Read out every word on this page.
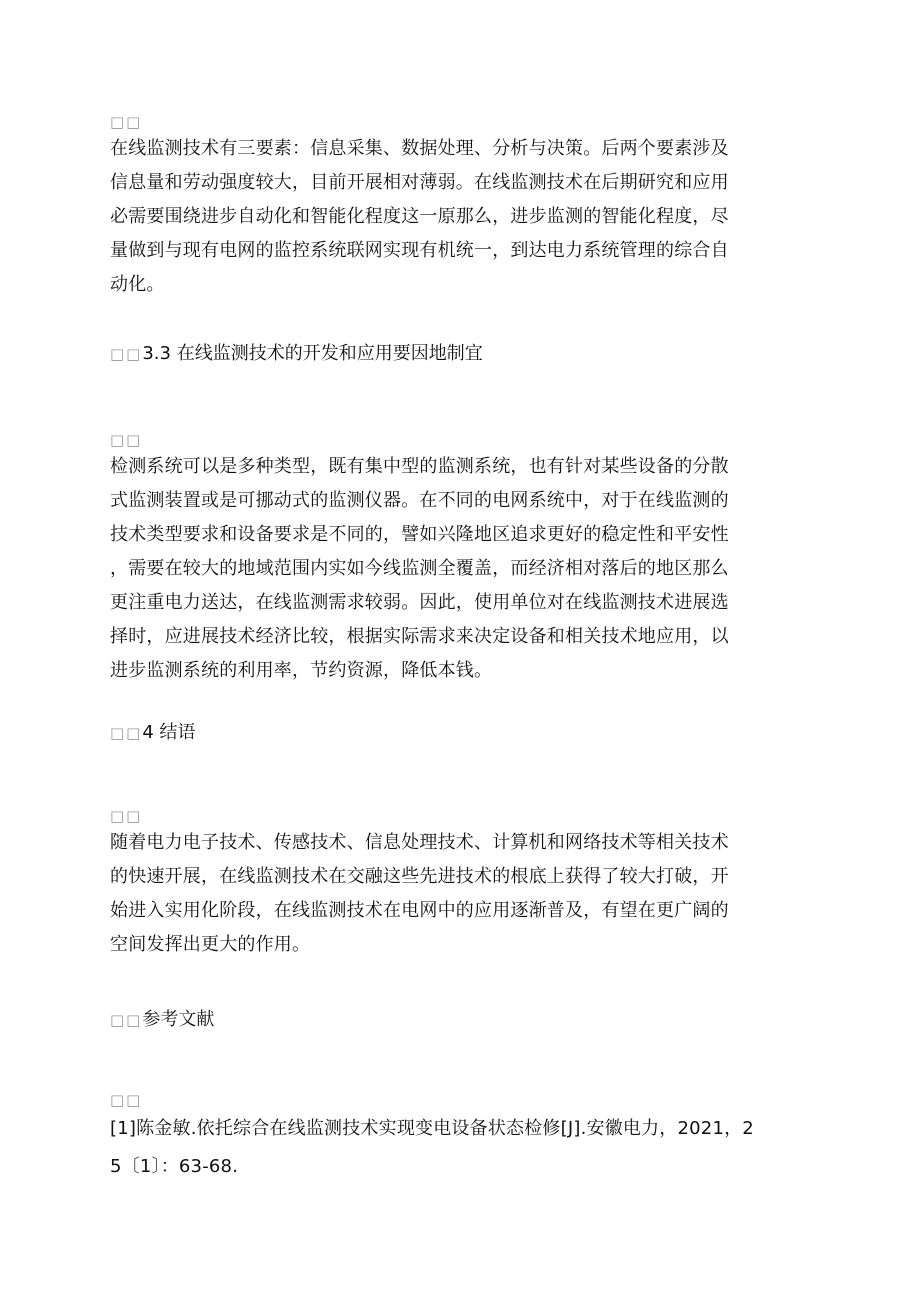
□□

在线监测技术有三要素：信息采集、数据处理、分析与决策。后两个要素涉及
信息量和劳动强度较大，目前开展相对薄弱。在线监测技术在后期研究和应用
必需要围绕进步自动化和智能化程度这一原那么，进步监测的智能化程度，尽
量做到与现有电网的监控系统联网实现有机统一，到达电力系统管理的综合自
动化。

□□3.3 在线监测技术的开发和应用要因地制宜

□□

检测系统可以是多种类型，既有集中型的监测系统，也有针对某些设备的分散
式监测装置或是可挪动式的监测仪器。在不同的电网系统中，对于在线监测的
技术类型要求和设备要求是不同的，譬如兴隆地区追求更好的稳定性和平安性
，需要在较大的地域范围内实如今线监测全覆盖，而经济相对落后的地区那么
更注重电力送达，在线监测需求较弱。因此，使用单位对在线监测技术进展选
择时，应进展技术经济比较，根据实际需求来决定设备和相关技术地应用，以
进步监测系统的利用率，节约资源，降低本钱。

□□4 结语

□□

随着电力电子技术、传感技术、信息处理技术、计算机和网络技术等相关技术
的快速开展，在线监测技术在交融这些先进技术的根底上获得了较大打破，开
始进入实用化阶段，在线监测技术在电网中的应用逐渐普及，有望在更广阔的
空间发挥出更大的作用。

□□参考文献

□□

[1]陈金敏.依托综合在线监测技术实现变电设备状态检修[J].安徽电力，2021，2
5〔1〕：63-68.
